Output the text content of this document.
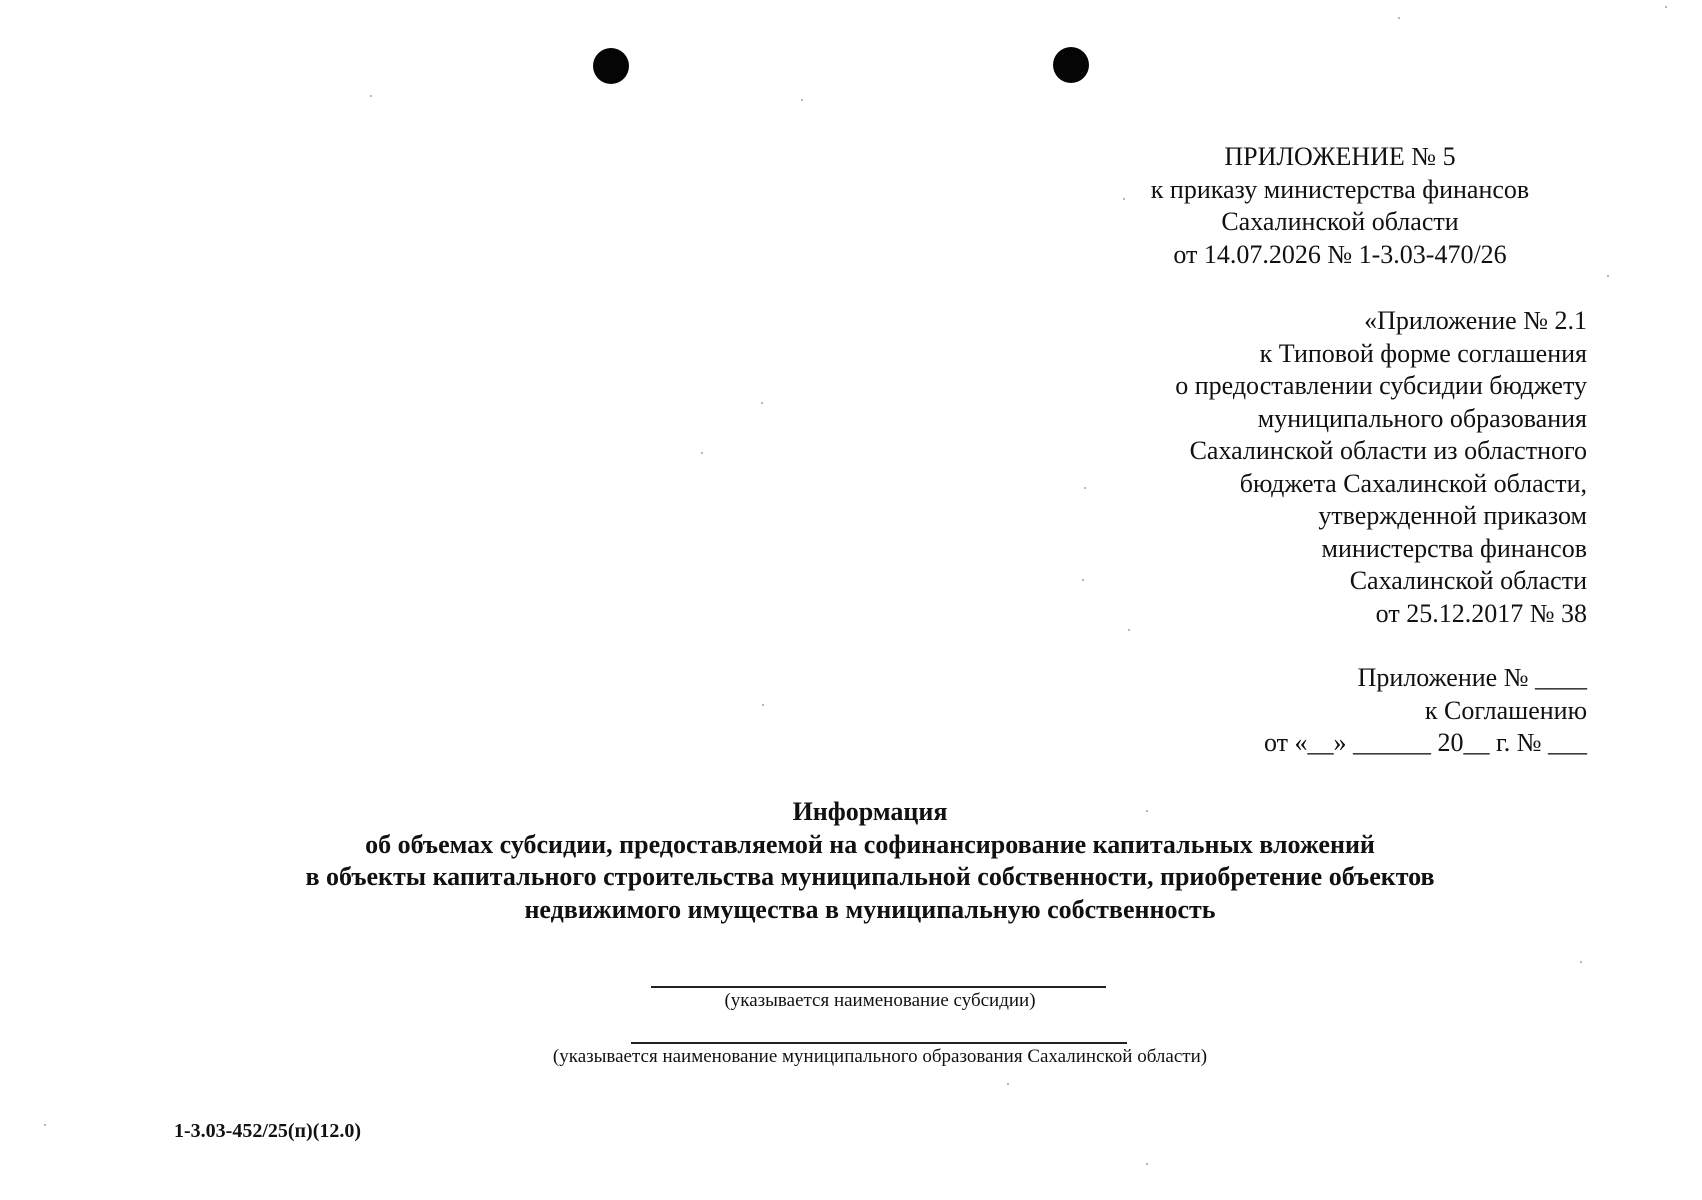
ПРИЛОЖЕНИЕ № 5
к приказу министерства финансов
Сахалинской области
от 14.07.2026 № 1-3.03-470/26
«Приложение № 2.1
к Типовой форме соглашения
о предоставлении субсидии бюджету
муниципального образования
Сахалинской области из областного
бюджета Сахалинской области,
утвержденной приказом
министерства финансов
Сахалинской области
от 25.12.2017 № 38
Приложение № ____
к Соглашению
от «__» ______ 20__ г. № ___
Информация
об объемах субсидии, предоставляемой на софинансирование капитальных вложений
в объекты капитального строительства муниципальной собственности, приобретение объектов
недвижимого имущества в муниципальную собственность
(указывается наименование субсидии)
(указывается наименование муниципального образования Сахалинской области)
1-3.03-452/25(п)(12.0)
